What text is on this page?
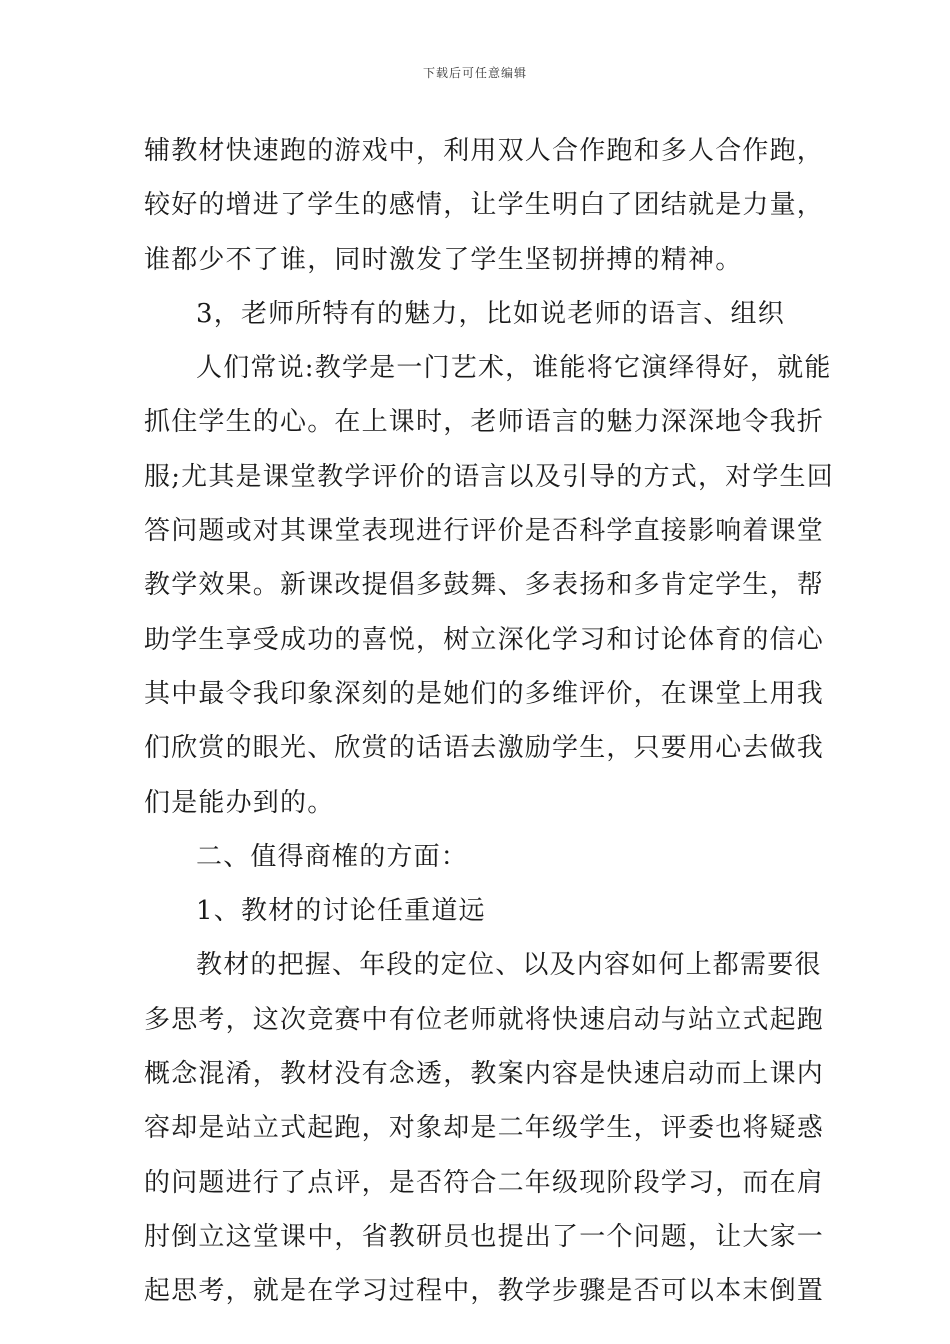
下载后可任意编辑
辅教材快速跑的游戏中，利用双人合作跑和多人合作跑，
较好的增进了学生的感情，让学生明白了团结就是力量，
谁都少不了谁，同时激发了学生坚韧拼搏的精神。
3，老师所特有的魅力，比如说老师的语言、组织
人们常说:教学是一门艺术，谁能将它演绎得好，就能
抓住学生的心。在上课时，老师语言的魅力深深地令我折
服;尤其是课堂教学评价的语言以及引导的方式，对学生回
答问题或对其课堂表现进行评价是否科学直接影响着课堂
教学效果。新课改提倡多鼓舞、多表扬和多肯定学生，帮
助学生享受成功的喜悦，树立深化学习和讨论体育的信心
其中最令我印象深刻的是她们的多维评价，在课堂上用我
们欣赏的眼光、欣赏的话语去激励学生，只要用心去做我
们是能办到的。
二、值得商榷的方面：
1、教材的讨论任重道远
教材的把握、年段的定位、以及内容如何上都需要很
多思考，这次竞赛中有位老师就将快速启动与站立式起跑
概念混淆，教材没有念透，教案内容是快速启动而上课内
容却是站立式起跑，对象却是二年级学生，评委也将疑惑
的问题进行了点评，是否符合二年级现阶段学习，而在肩
肘倒立这堂课中，省教研员也提出了一个问题，让大家一
起思考，就是在学习过程中，教学步骤是否可以本末倒置
